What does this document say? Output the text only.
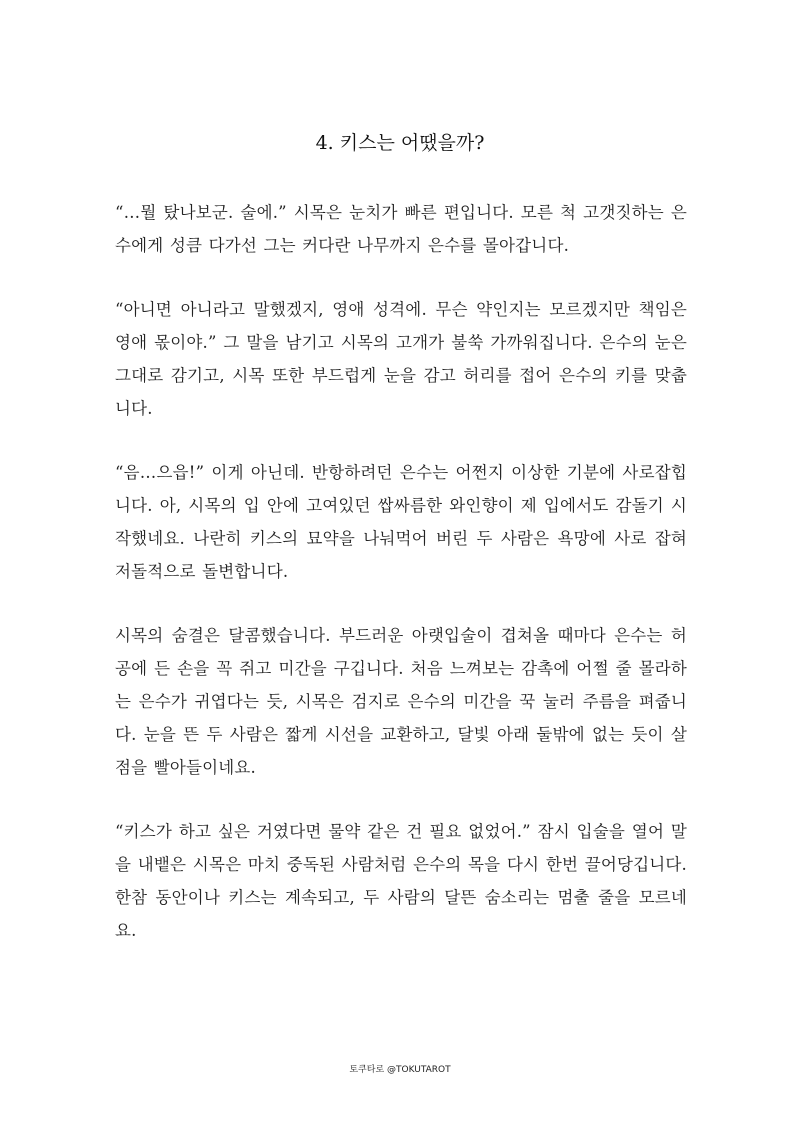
4. 키스는 어땠을까?

“…뭘 탔나보군. 술에.” 시목은 눈치가 빠른 편입니다. 모른 척 고갯짓하는 은수에게 성큼 다가선 그는 커다란 나무까지 은수를 몰아갑니다.

“아니면 아니라고 말했겠지, 영애 성격에. 무슨 약인지는 모르겠지만 책임은 영애 몫이야.” 그 말을 남기고 시목의 고개가 불쑥 가까워집니다. 은수의 눈은 그대로 감기고, 시목 또한 부드럽게 눈을 감고 허리를 접어 은수의 키를 맞춥니다.

“음…으읍!” 이게 아닌데. 반항하려던 은수는 어쩐지 이상한 기분에 사로잡힙니다. 아, 시목의 입 안에 고여있던 쌉싸름한 와인향이 제 입에서도 감돌기 시작했네요. 나란히 키스의 묘약을 나눠먹어 버린 두 사람은 욕망에 사로 잡혀 저돌적으로 돌변합니다.

시목의 숨결은 달콤했습니다. 부드러운 아랫입술이 겹쳐올 때마다 은수는 허공에 든 손을 꼭 쥐고 미간을 구깁니다. 처음 느껴보는 감촉에 어쩔 줄 몰라하는 은수가 귀엽다는 듯, 시목은 검지로 은수의 미간을 꾹 눌러 주름을 펴줍니다. 눈을 뜬 두 사람은 짧게 시선을 교환하고, 달빛 아래 둘밖에 없는 듯이 살점을 빨아들이네요.

“키스가 하고 싶은 거였다면 물약 같은 건 필요 없었어.” 잠시 입술을 열어 말을 내뱉은 시목은 마치 중독된 사람처럼 은수의 목을 다시 한번 끌어당깁니다. 한참 동안이나 키스는 계속되고, 두 사람의 달뜬 숨소리는 멈출 줄을 모르네요.

토쿠타로 @TOKUTAROT
